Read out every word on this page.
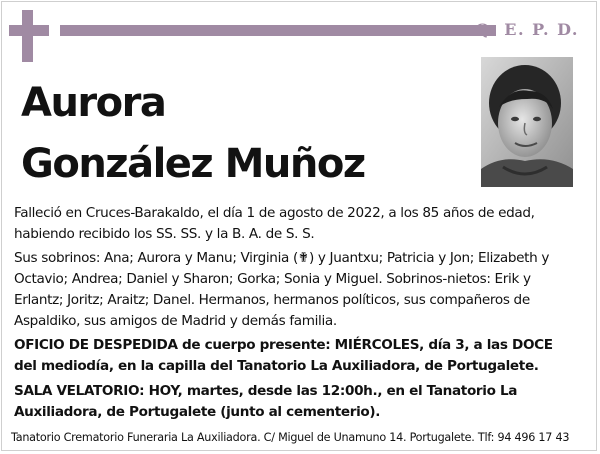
Q. E. P. D.
Aurora
González Muñoz
Falleció en Cruces-Barakaldo, el día 1 de agosto de 2022, a los 85 años de edad, habiendo recibido los SS. SS. y la B. A. de S. S.
Sus sobrinos: Ana; Aurora y Manu; Virginia (✟) y Juantxu; Patricia y Jon; Elizabeth y Octavio; Andrea; Daniel y Sharon; Gorka; Sonia y Miguel. Sobrinos-nietos: Erik y Erlantz; Joritz; Araitz; Danel. Hermanos, hermanos políticos, sus compañeros de Aspaldiko, sus amigos de Madrid y demás familia.
OFICIO DE DESPEDIDA de cuerpo presente: MIÉRCOLES, día 3, a las DOCE del mediodía, en la capilla del Tanatorio La Auxiliadora, de Portugalete.
SALA VELATORIO: HOY, martes, desde las 12:00h., en el Tanatorio La Auxiliadora, de Portugalete (junto al cementerio).
Tanatorio Crematorio Funeraria La Auxiliadora. C/ Miguel de Unamuno 14. Portugalete. Tlf: 94 496 17 43
